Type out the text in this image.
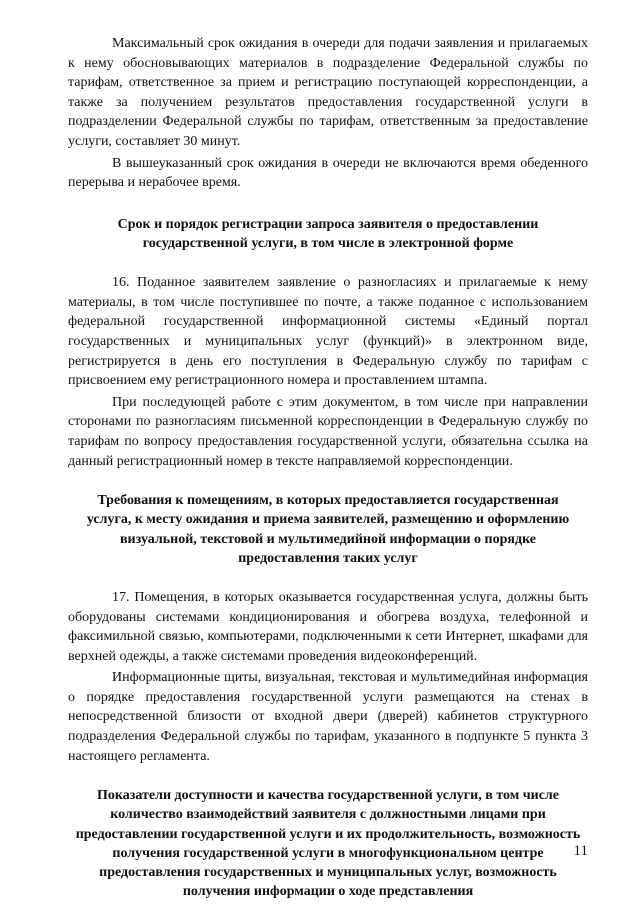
Максимальный срок ожидания в очереди для подачи заявления и прилагаемых к нему обосновывающих материалов в подразделение Федеральной службы по тарифам, ответственное за прием и регистрацию поступающей корреспонденции, а также за получением результатов предоставления государственной услуги в подразделении Федеральной службы по тарифам, ответственным за предоставление услуги, составляет 30 минут.

В вышеуказанный срок ожидания в очереди не включаются время обеденного перерыва и нерабочее время.

Срок и порядок регистрации запроса заявителя о предоставлении государственной услуги, в том числе в электронной форме

16. Поданное заявителем заявление о разногласиях и прилагаемые к нему материалы, в том числе поступившее по почте, а также поданное с использованием федеральной государственной информационной системы «Единый портал государственных и муниципальных услуг (функций)» в электронном виде, регистрируется в день его поступления в Федеральную службу по тарифам с присвоением ему регистрационного номера и проставлением штампа.

При последующей работе с этим документом, в том числе при направлении сторонами по разногласиям письменной корреспонденции в Федеральную службу по тарифам по вопросу предоставления государственной услуги, обязательна ссылка на данный регистрационный номер в тексте направляемой корреспонденции.

Требования к помещениям, в которых предоставляется государственная услуга, к месту ожидания и приема заявителей, размещению и оформлению визуальной, текстовой и мультимедийной информации о порядке предоставления таких услуг

17. Помещения, в которых оказывается государственная услуга, должны быть оборудованы системами кондиционирования и обогрева воздуха, телефонной и факсимильной связью, компьютерами, подключенными к сети Интернет, шкафами для верхней одежды, а также системами проведения видеоконференций.

Информационные щиты, визуальная, текстовая и мультимедийная информация о порядке предоставления государственной услуги размещаются на стенах в непосредственной близости от входной двери (дверей) кабинетов структурного подразделения Федеральной службы по тарифам, указанного в подпункте 5 пункта 3 настоящего регламента.

Показатели доступности и качества государственной услуги, в том числе количество взаимодействий заявителя с должностными лицами при предоставлении государственной услуги и их продолжительность, возможность получения государственной услуги в многофункциональном центре предоставления государственных и муниципальных услуг, возможность получения информации о ходе представления

11
